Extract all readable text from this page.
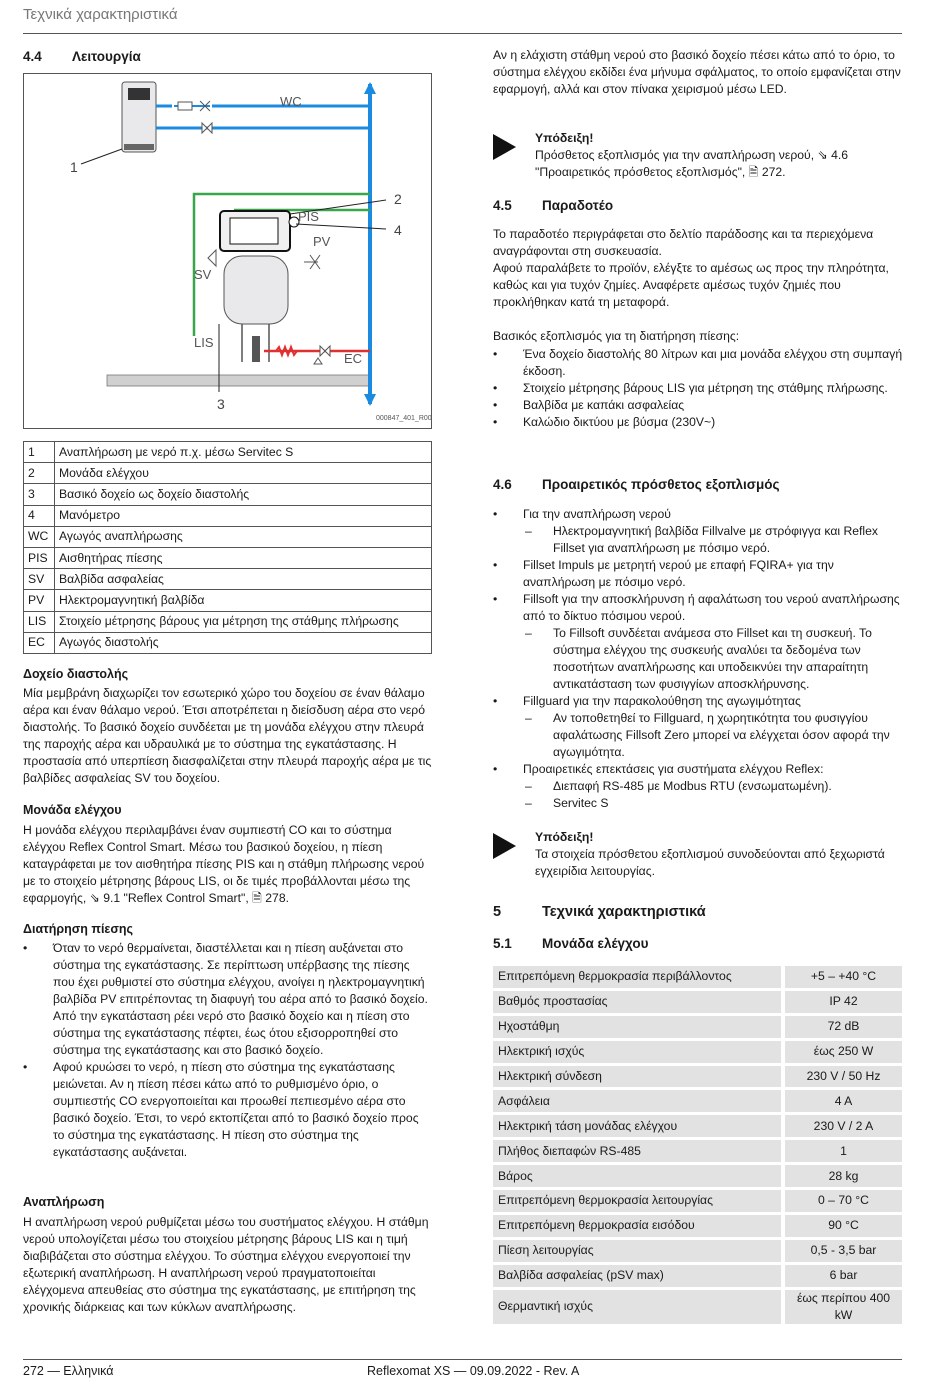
Τεχνικά χαρακτηριστικά
4.4 Λειτουργία
WC
1
2
4
PIS
PV
SV
LIS
EC
3
000847_401_R00
1	Αναπλήρωση με νερό π.χ. μέσω Servitec S
2	Μονάδα ελέγχου
3	Βασικό δοχείο ως δοχείο διαστολής
4	Μανόμετρο
WC	Αγωγός αναπλήρωσης
PIS	Αισθητήρας πίεσης
SV	Βαλβίδα ασφαλείας
PV	Ηλεκτρομαγνητική βαλβίδα
LIS	Στοιχείο μέτρησης βάρους για μέτρηση της στάθμης πλήρωσης
EC	Αγωγός διαστολής
Δοχείο διαστολής
Μία μεμβράνη διαχωρίζει τον εσωτερικό χώρο του δοχείου σε έναν θάλαμο αέρα και έναν θάλαμο νερού. Έτσι αποτρέπεται η διείσδυση αέρα στο νερό διαστολής. Το βασικό δοχείο συνδέεται με τη μονάδα ελέγχου στην πλευρά της παροχής αέρα και υδραυλικά με το σύστημα της εγκατάστασης. Η προστασία από υπερπίεση διασφαλίζεται στην πλευρά παροχής αέρα με τις βαλβίδες ασφαλείας SV του δοχείου.
Μονάδα ελέγχου
Η μονάδα ελέγχου περιλαμβάνει έναν συμπιεστή CO και το σύστημα ελέγχου Reflex Control Smart. Μέσω του βασικού δοχείου, η πίεση καταγράφεται με τον αισθητήρα πίεσης PIS και η στάθμη πλήρωσης νερού με το στοιχείο μέτρησης βάρους LIS, οι δε τιμές προβάλλονται μέσω της εφαρμογής, ⇘ 9.1 "Reflex Control Smart", 🗎 278.
Διατήρηση πίεσης
• Όταν το νερό θερμαίνεται, διαστέλλεται και η πίεση αυξάνεται στο σύστημα της εγκατάστασης. Σε περίπτωση υπέρβασης της πίεσης που έχει ρυθμιστεί στο σύστημα ελέγχου, ανοίγει η ηλεκτρομαγνητική βαλβίδα PV επιτρέποντας τη διαφυγή του αέρα από το βασικό δοχείο. Από την εγκατάσταση ρέει νερό στο βασικό δοχείο και η πίεση στο σύστημα της εγκατάστασης πέφτει, έως ότου εξισορροπηθεί στο σύστημα της εγκατάστασης και στο βασικό δοχείο.
• Αφού κρυώσει το νερό, η πίεση στο σύστημα της εγκατάστασης μειώνεται. Αν η πίεση πέσει κάτω από το ρυθμισμένο όριο, ο συμπιεστής CO ενεργοποιείται και προωθεί πεπιεσμένο αέρα στο βασικό δοχείο. Έτσι, το νερό εκτοπίζεται από το βασικό δοχείο προς το σύστημα της εγκατάστασης. Η πίεση στο σύστημα της εγκατάστασης αυξάνεται.
Αναπλήρωση
Η αναπλήρωση νερού ρυθμίζεται μέσω του συστήματος ελέγχου. Η στάθμη νερού υπολογίζεται μέσω του στοιχείου μέτρησης βάρους LIS και η τιμή διαβιβάζεται στο σύστημα ελέγχου. Το σύστημα ελέγχου ενεργοποιεί την εξωτερική αναπλήρωση. Η αναπλήρωση νερού πραγματοποιείται ελέγχομενα απευθείας στο σύστημα της εγκατάστασης, με επιτήρηση της χρονικής διάρκειας και των κύκλων αναπλήρωσης.
Αν η ελάχιστη στάθμη νερού στο βασικό δοχείο πέσει κάτω από το όριο, το σύστημα ελέγχου εκδίδει ένα μήνυμα σφάλματος, το οποίο εμφανίζεται στην εφαρμογή, αλλά και στον πίνακα χειρισμού μέσω LED.
Υπόδειξη!
Πρόσθετος εξοπλισμός για την αναπλήρωση νερού, ⇘ 4.6 "Προαιρετικός πρόσθετος εξοπλισμός", 🗎 272.
4.5 Παραδοτέο
Το παραδοτέο περιγράφεται στο δελτίο παράδοσης και τα περιεχόμενα αναγράφονται στη συσκευασία.
Αφού παραλάβετε το προϊόν, ελέγξτε το αμέσως ως προς την πληρότητα, καθώς και για τυχόν ζημίες. Αναφέρετε αμέσως τυχόν ζημιές που προκλήθηκαν κατά τη μεταφορά.
Βασικός εξοπλισμός για τη διατήρηση πίεσης:
• Ένα δοχείο διαστολής 80 λίτρων και μια μονάδα ελέγχου στη συμπαγή έκδοση.
• Στοιχείο μέτρησης βάρους LIS για μέτρηση της στάθμης πλήρωσης.
• Βαλβίδα με καπάκι ασφαλείας
• Καλώδιο δικτύου με βύσμα (230V~)
4.6 Προαιρετικός πρόσθετος εξοπλισμός
• Για την αναπλήρωση νερού
– Ηλεκτρομαγνητική βαλβίδα Fillvalve με στρόφιγγα και Reflex Fillset για αναπλήρωση με πόσιμο νερό.
• Fillset Impuls με μετρητή νερού με επαφή FQIRA+ για την αναπλήρωση με πόσιμο νερό.
• Fillsoft για την αποσκλήρυνση ή αφαλάτωση του νερού αναπλήρωσης από το δίκτυο πόσιμου νερού.
– Το Fillsoft συνδέεται ανάμεσα στο Fillset και τη συσκευή. Το σύστημα ελέγχου της συσκευής αναλύει τα δεδομένα των ποσοτήτων αναπλήρωσης και υποδεικνύει την απαραίτητη αντικατάσταση των φυσιγγίων αποσκλήρυνσης.
• Fillguard για την παρακολούθηση της αγωγιμότητας
– Αν τοποθετηθεί το Fillguard, η χωρητικότητα του φυσιγγίου αφαλάτωσης Fillsoft Zero μπορεί να ελέγχεται όσον αφορά την αγωγιμότητα.
• Προαιρετικές επεκτάσεις για συστήματα ελέγχου Reflex:
– Διεπαφή RS-485 με Modbus RTU (ενσωματωμένη).
– Servitec S
Υπόδειξη!
Τα στοιχεία πρόσθετου εξοπλισμού συνοδεύονται από ξεχωριστά εγχειρίδια λειτουργίας.
5	Τεχνικά χαρακτηριστικά
5.1 Μονάδα ελέγχου
Επιτρεπόμενη θερμοκρασία περιβάλλοντος	+5 – +40 °C
Βαθμός προστασίας	IP 42
Ηχοστάθμη	72 dB
Ηλεκτρική ισχύς	έως 250 W
Ηλεκτρική σύνδεση	230 V / 50 Hz
Ασφάλεια	4 A
Ηλεκτρική τάση μονάδας ελέγχου	230 V / 2 A
Πλήθος διεπαφών RS-485	1
Βάρος	28 kg
Επιτρεπόμενη θερμοκρασία λειτουργίας	0 – 70 °C
Επιτρεπόμενη θερμοκρασία εισόδου	90 °C
Πίεση λειτουργίας	0,5 - 3,5 bar
Βαλβίδα ασφαλείας (pSV max)	6 bar
Θερμαντική ισχύς	έως περίπου 400 kW
272 — Ελληνικά	Reflexomat XS — 09.09.2022 - Rev. A
